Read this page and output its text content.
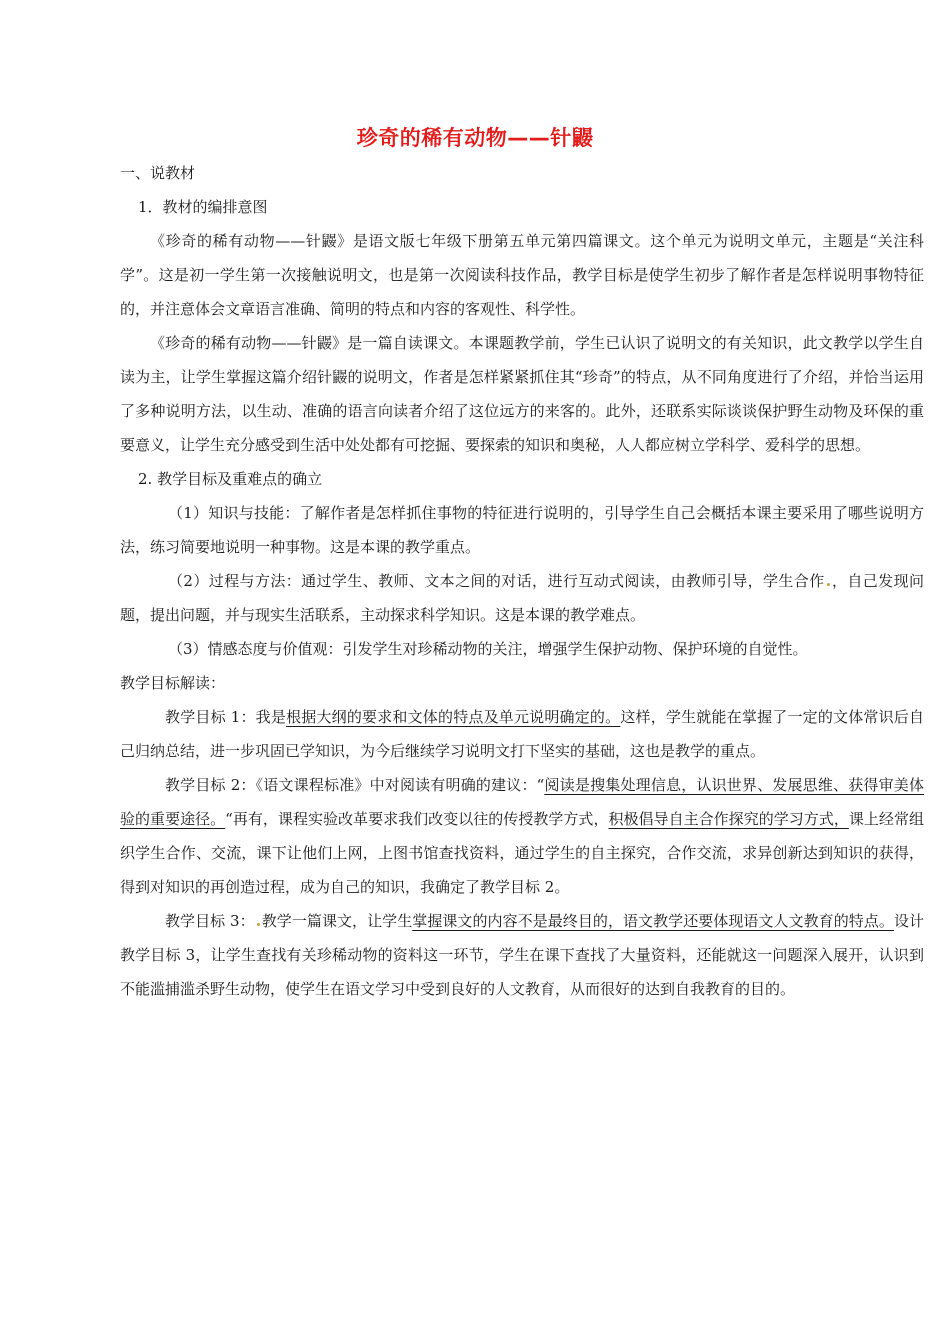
珍奇的稀有动物——针鼹
一、说教材
1．教材的编排意图

《珍奇的稀有动物——针鼹》是语文版七年级下册第五单元第四篇课文。这个单元为说明文单元，主题是“关注科学”。这是初一学生第一次接触说明文，也是第一次阅读科技作品，教学目标是使学生初步了解作者是怎样说明事物特征的，并注意体会文章语言准确、简明的特点和内容的客观性、科学性。

《珍奇的稀有动物——针鼹》是一篇自读课文。本课题教学前，学生已认识了说明文的有关知识，此文教学以学生自读为主，让学生掌握这篇介绍针鼹的说明文，作者是怎样紧紧抓住其“珍奇”的特点，从不同角度进行了介绍，并恰当运用了多种说明方法，以生动、准确的语言向读者介绍了这位远方的来客的。此外，还联系实际谈谈保护野生动物及环保的重要意义，让学生充分感受到生活中处处都有可挖掘、要探索的知识和奥秘，人人都应树立学科学、爱科学的思想。

2. 教学目标及重难点的确立

（1）知识与技能：了解作者是怎样抓住事物的特征进行说明的，引导学生自己会概括本课主要采用了哪些说明方法，练习简要地说明一种事物。这是本课的教学重点。

（2）过程与方法：通过学生、教师、文本之间的对话，进行互动式阅读，由教师引导，学生合作 ，自己发现问题，提出问题，并与现实生活联系，主动探求科学知识。这是本课的教学难点。

（3）情感态度与价值观：引发学生对珍稀动物的关注，增强学生保护动物、保护环境的自觉性。

教学目标解读：

教学目标 1：我是根据大纲的要求和文体的特点及单元说明确定的。这样，学生就能在掌握了一定的文体常识后自己归纳总结，进一步巩固已学知识，为今后继续学习说明文打下坚实的基础，这也是教学的重点。

教学目标 2：《语文课程标准》中对阅读有明确的建议：“阅读是搜集处理信息，认识世界、发展思维、获得审美体验的重要途径。“再有，课程实验改革要求我们改变以往的传授教学方式，积极倡导自主合作探究的学习方式，课上经常组织学生合作、交流，课下让他们上网，上图书馆查找资料，通过学生的自主探究，合作交流，求异创新达到知识的获得，得到对知识的再创造过程，成为自己的知识，我确定了教学目标 2。

教学目标 3： 教学一篇课文，让学生掌握课文的内容不是最终目的，语文教学还要体现语文人文教育的特点。设计教学目标 3，让学生查找有关珍稀动物的资料这一环节，学生在课下查找了大量资料，还能就这一问题深入展开，认识到不能滥捕滥杀野生动物，使学生在语文学习中受到良好的人文教育，从而很好的达到自我教育的目的。
